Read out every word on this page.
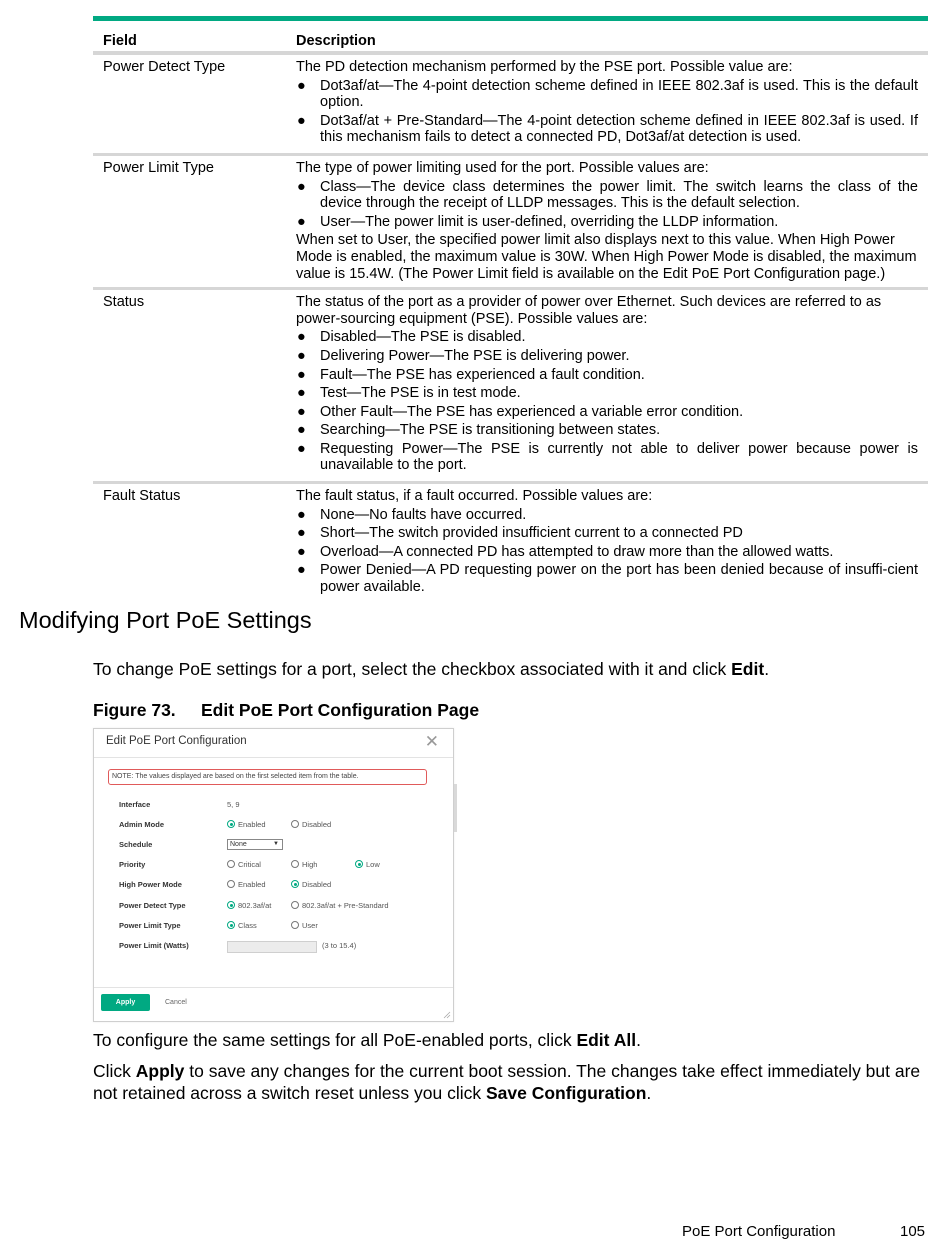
Field	Description
Power Detect Type	The PD detection mechanism performed by the PSE port. Possible value are:

● Dot3af/at—The 4-point detection scheme defined in IEEE 802.3af is used. This is the default option.
● Dot3af/at + Pre-Standard—The 4-point detection scheme defined in IEEE 802.3af is used. If this mechanism fails to detect a connected PD, Dot3af/at detection is used.
Power Limit Type	The type of power limiting used for the port. Possible values are:

● Class—The device class determines the power limit. The switch learns the class of the device through the receipt of LLDP messages. This is the default selection.
● User—The power limit is user-defined, overriding the LLDP information.

When set to User, the specified power limit also displays next to this value. When High Power Mode is enabled, the maximum value is 30W. When High Power Mode is disabled, the maximum value is 15.4W. (The Power Limit field is available on the Edit PoE Port Configuration page.)

Status	The status of the port as a provider of power over Ethernet. Such devices are referred to as power-sourcing equipment (PSE). Possible values are:

● Disabled—The PSE is disabled.
● Delivering Power—The PSE is delivering power.
● Fault—The PSE has experienced a fault condition.
● Test—The PSE is in test mode.
● Other Fault—The PSE has experienced a variable error condition.
● Searching—The PSE is transitioning between states.
● Requesting Power—The PSE is currently not able to deliver power because power is unavailable to the port.
Fault Status	The fault status, if a fault occurred. Possible values are:

● None—No faults have occurred.
● Short—The switch provided insufficient current to a connected PD
● Overload—A connected PD has attempted to draw more than the allowed watts.
● Power Denied—A PD requesting power on the port has been denied because of insuffi-cient power available.
Modifying Port PoE Settings

To change PoE settings for a port, select the checkbox associated with it and click Edit.

Figure 73. Edit PoE Port Configuration Page

Edit PoE Port Configuration	✕
NOTE: The values displayed are based on the first selected item from the table.
Interface	5, 9
Admin Mode	Enabled	Disabled
Schedule	None	▼
Priority	Critical	High	Low
High Power Mode	Enabled	Disabled
Power Detect Type	802.3af/at	802.3af/at + Pre-Standard
Power Limit Type	Class	User
Power Limit (Watts)	(3 to 15.4)
Apply	Cancel

To configure the same settings for all PoE-enabled ports, click Edit All.

Click Apply to save any changes for the current boot session. The changes take effect immediately but are not retained across a switch reset unless you click Save Configuration.

PoE Port Configuration	105
